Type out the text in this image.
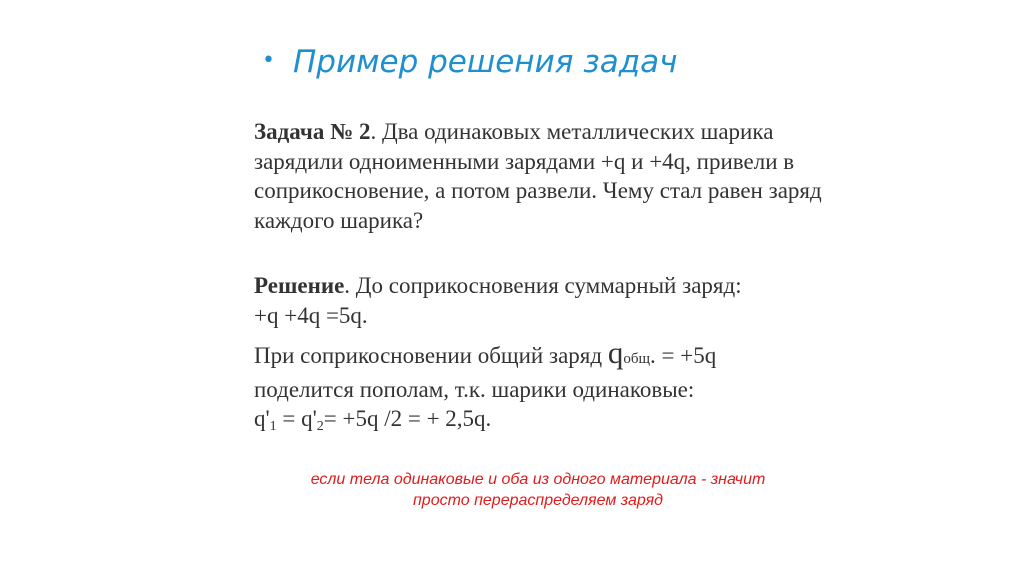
• Пример решения задач
Задача № 2. Два одинаковых металлических шарика зарядили одноименными зарядами +q и +4q, привели в соприкосновение, а потом развели. Чему стал равен заряд каждого шарика?
Решение. До соприкосновения суммарный заряд:
+q +4q =5q.
При соприкосновении общий заряд qобщ. = +5q
поделится пополам, т.к. шарики одинаковые:
$q'_1 = q'_2= +5q$ /2 = + 2,5q.
если тела одинаковые и оба из одного материала - значит
просто перераспределяем заряд
